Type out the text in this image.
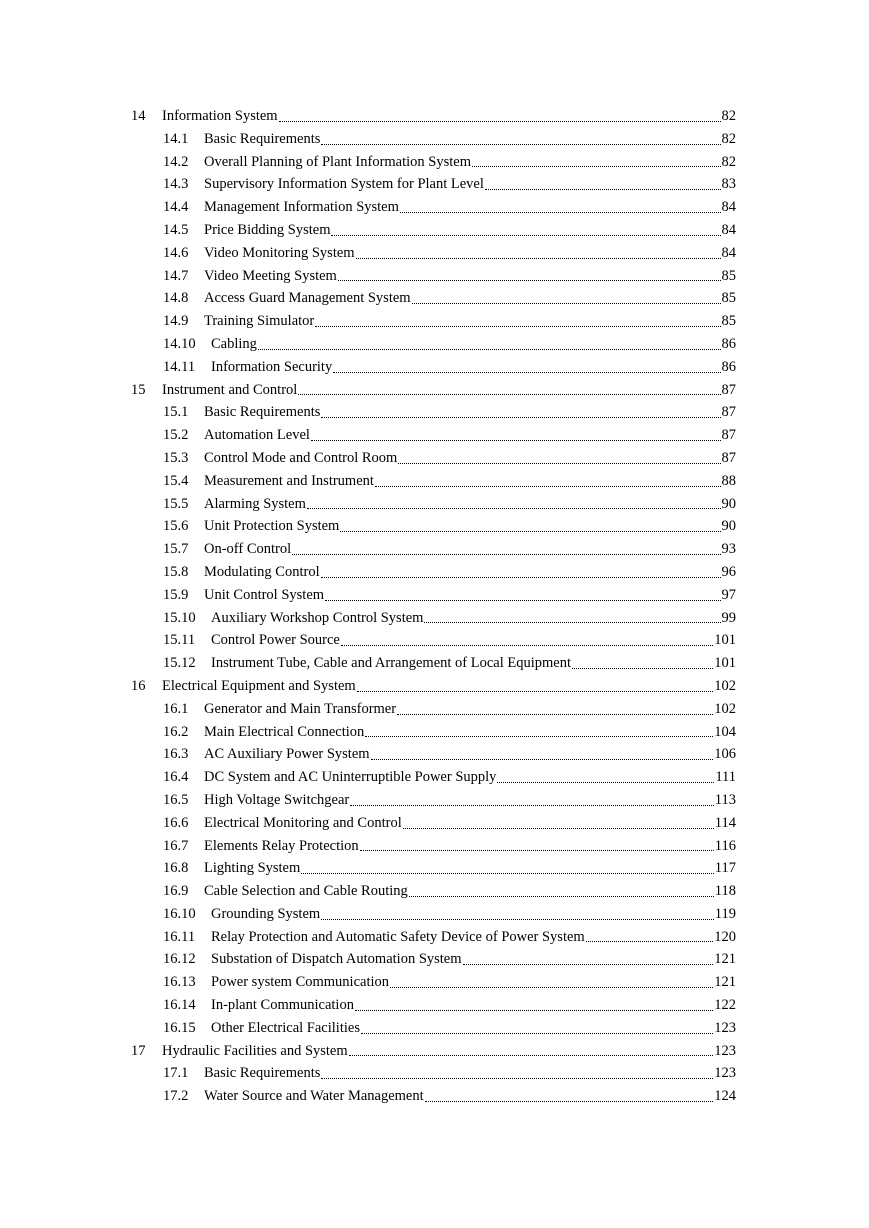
14	Information System	82
14.1	Basic Requirements	82
14.2	Overall Planning of Plant Information System	82
14.3	Supervisory Information System for Plant Level	83
14.4	Management Information System	84
14.5	Price Bidding System	84
14.6	Video Monitoring System	84
14.7	Video Meeting System	85
14.8	Access Guard Management System	85
14.9	Training Simulator	85
14.10	Cabling	86
14.11	Information Security	86
15	Instrument and Control	87
15.1	Basic Requirements	87
15.2	Automation Level	87
15.3	Control Mode and Control Room	87
15.4	Measurement and Instrument	88
15.5	Alarming System	90
15.6	Unit Protection System	90
15.7	On-off Control	93
15.8	Modulating Control	96
15.9	Unit Control System	97
15.10	Auxiliary Workshop Control System	99
15.11	Control Power Source	101
15.12	Instrument Tube, Cable and Arrangement of Local Equipment	101
16	Electrical Equipment and System	102
16.1	Generator and Main Transformer	102
16.2	Main Electrical Connection	104
16.3	AC Auxiliary Power System	106
16.4	DC System and AC Uninterruptible Power Supply	111
16.5	High Voltage Switchgear	113
16.6	Electrical Monitoring and Control	114
16.7	Elements Relay Protection	116
16.8	Lighting System	117
16.9	Cable Selection and Cable Routing	118
16.10	Grounding System	119
16.11	Relay Protection and Automatic Safety Device of Power System	120
16.12	Substation of Dispatch Automation System	121
16.13	Power system Communication	121
16.14	In-plant Communication	122
16.15	Other Electrical Facilities	123
17	Hydraulic Facilities and System	123
17.1	Basic Requirements	123
17.2	Water Source and Water Management	124
